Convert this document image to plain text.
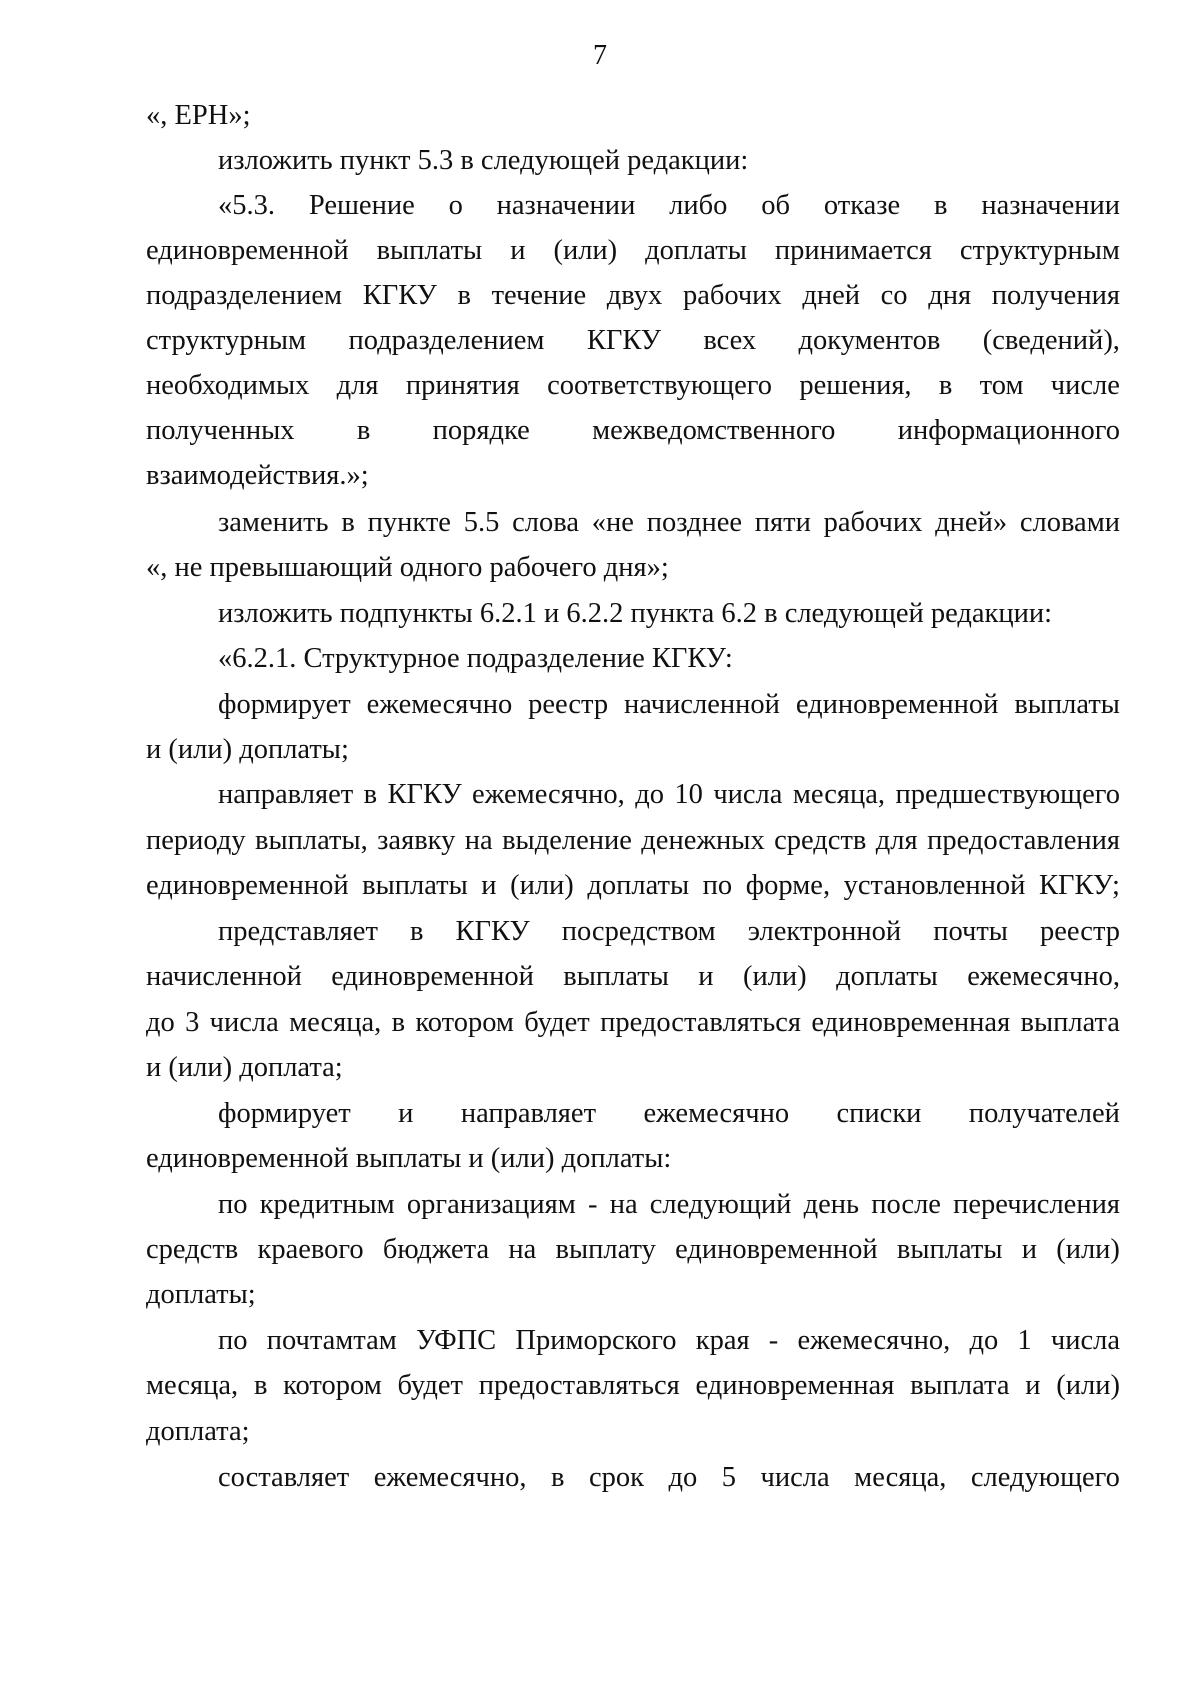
7
«, ЕРН»;
изложить пункт 5.3 в следующей редакции:
«5.3. Решение о назначении либо об отказе в назначении
единовременной выплаты и (или) доплаты принимается структурным
подразделением КГКУ в течение двух рабочих дней со дня получения
структурным подразделением КГКУ всех документов (сведений),
необходимых для принятия соответствующего решения, в том числе
полученных в порядке межведомственного информационного
взаимодействия.»;
заменить в пункте 5.5 слова «не позднее пяти рабочих дней» словами
«, не превышающий одного рабочего дня»;
изложить подпункты 6.2.1 и 6.2.2 пункта 6.2 в следующей редакции:
«6.2.1. Структурное подразделение КГКУ:
формирует ежемесячно реестр начисленной единовременной выплаты
и (или) доплаты;
направляет в КГКУ ежемесячно, до 10 числа месяца, предшествующего
периоду выплаты, заявку на выделение денежных средств для предоставления
единовременной выплаты и (или) доплаты по форме, установленной КГКУ;
представляет в КГКУ посредством электронной почты реестр
начисленной единовременной выплаты и (или) доплаты ежемесячно,
до 3 числа месяца, в котором будет предоставляться единовременная выплата
и (или) доплата;
формирует и направляет ежемесячно списки получателей
единовременной выплаты и (или) доплаты:
по кредитным организациям - на следующий день после перечисления
средств краевого бюджета на выплату единовременной выплаты и (или)
доплаты;
по почтамтам УФПС Приморского края - ежемесячно, до 1 числа
месяца, в котором будет предоставляться единовременная выплата и (или)
доплата;
составляет ежемесячно, в срок до 5 числа месяца, следующего
